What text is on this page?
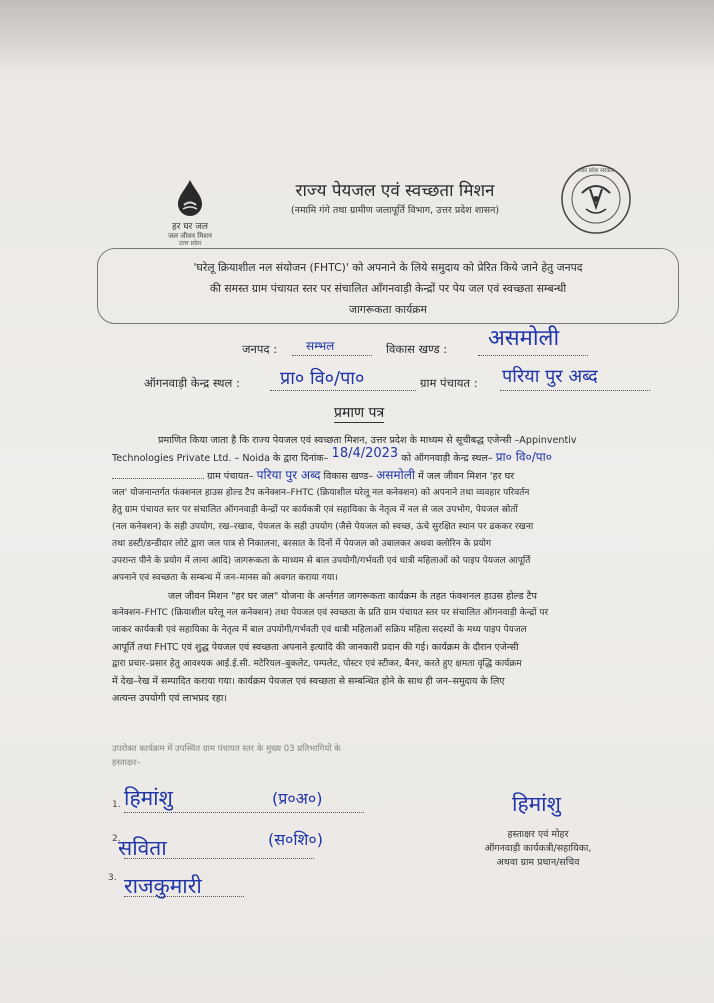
हर घर जल
जल जीवन मिशन
उत्तर प्रदेश
राज्य पेयजल एवं स्वच्छता मिशन
(नमामि गंगे तथा ग्रामीण जलापूर्ति विभाग, उत्तर प्रदेश शासन)
उत्तर प्रदेश सरकार
'घरेलू क्रियाशील नल संयोजन (FHTC)' को अपनाने के लिये समुदाय को प्रेरित किये जाने हेतु जनपद
की समस्त ग्राम पंचायत स्तर पर संचालित आँगनवाड़ी केन्द्रों पर पेय जल एवं स्वच्छता सम्बन्धी
जागरूकता कार्यक्रम
जनपद : सम्भल	विकास खण्ड : असमोली
ऑगनवाड़ी केन्द्र स्थल : प्रा० वि०/पा०	ग्राम पंचायत : परिया पुर अब्द
प्रमाण पत्र
प्रमाणित किया जाता है कि राज्य पेयजल एवं स्वच्छता मिशन, उत्तर प्रदेश के माध्यम से सूचीबद्ध एजेन्सी –Appinventiv
Technologies Private Ltd. – Noida के द्वारा दिनांक– 18/4/2023 को ऑगनवाड़ी केन्द्र स्थल– प्रा० वि०/पा०
ग्राम पंचायत– परिया पुर अब्द विकास खण्ड– असमोली में जल जीवन मिशन 'हर घर
जल' योजनान्तर्गत फंक्शनल हाउस होल्ड टैप कनेक्शन–FHTC (क्रियाशील घरेलू नल कनेक्शन) को अपनाने तथा व्यवहार परिवर्तन
हेतु ग्राम पंचायत स्तर पर संचालित ऑगनवाड़ी केन्द्रों पर कार्यकत्री एवं सहायिका के नेतृत्व में नल से जल उपभोग, पेयजल स्रोतों
(नल कनेक्शन) के सही उपयोग, रख–रखाव, पेयजल के सही उपयोग (जैसे पेयजल को स्वच्छ, ऊंचे सुरक्षित स्थान पर ढककर रखना
तथा डस्टी/डन्डीदार लोटे द्वारा जल पात्र से निकालना, बरसात के दिनों में पेयजल को उबालकर अथवा क्लोरिन के प्रयोग
उपरान्त पीने के प्रयोग में लाना आदि) जागरूकता के माध्यम से बाल उपयोगी/गर्भवती एवं धात्री महिलाओं को पाइप पेयजल आपूर्ति
अपनाने एवं स्वच्छता के सम्बन्ध में जन–मानस को अवगत कराया गया।
जल जीवन मिशन "हर घर जल" योजना के अर्न्तगत जागरूकता कार्यक्रम के तहत फंक्शनल हाउस होल्ड टैप
कनेक्शन–FHTC (क्रियाशील घरेलू नल कनेक्शन) तथा पेयजल एवं स्वच्छता के प्रति ग्राम पंचायत स्तर पर संचालित ऑगनवाड़ी केन्द्रों पर
जाकर कार्यकत्री एवं सहायिका के नेतृत्व में बाल उपयोगी/गर्भवती एवं धात्री महिलाओं सक्रिय महिला सदस्यों के मध्य पाइप पेयजल
आपूर्ति तथा FHTC एवं शुद्ध पेयजल एवं स्वच्छता अपनाने इत्यादि की जानकारी प्रदान की गई। कार्यक्रम के दौरान एजेन्सी
द्वारा प्रचार–प्रसार हेतु आवश्यक आई.ई.सी. मटेरियल–बुकलेट, पम्पलेट, पोस्टर एवं स्टीकर, बैनर, करते हुए क्षमता वृद्धि कार्यक्रम
में देख–रेख में सम्पादित कराया गया। कार्यक्रम पेयजल एवं स्वच्छता से सम्बन्धित होने के साथ ही जन–समुदाय के लिए
अत्यन्त उपयोगी एवं लाभप्रद रहा।
उपरोक्त कार्यक्रम में उपस्थित ग्राम पंचायत स्तर के मुख्य 03 प्रतिभागियों के
हस्ताक्षर–
1. हिमांशु	(प्र०अ०)
2.
सविता	(स०शि०)
3. राजकुमारी
हिमांशु
हस्ताक्षर एवं मोहर
ऑगनवाड़ी कार्यकत्री/सहायिका,
अथवा ग्राम प्रधान/सचिव
